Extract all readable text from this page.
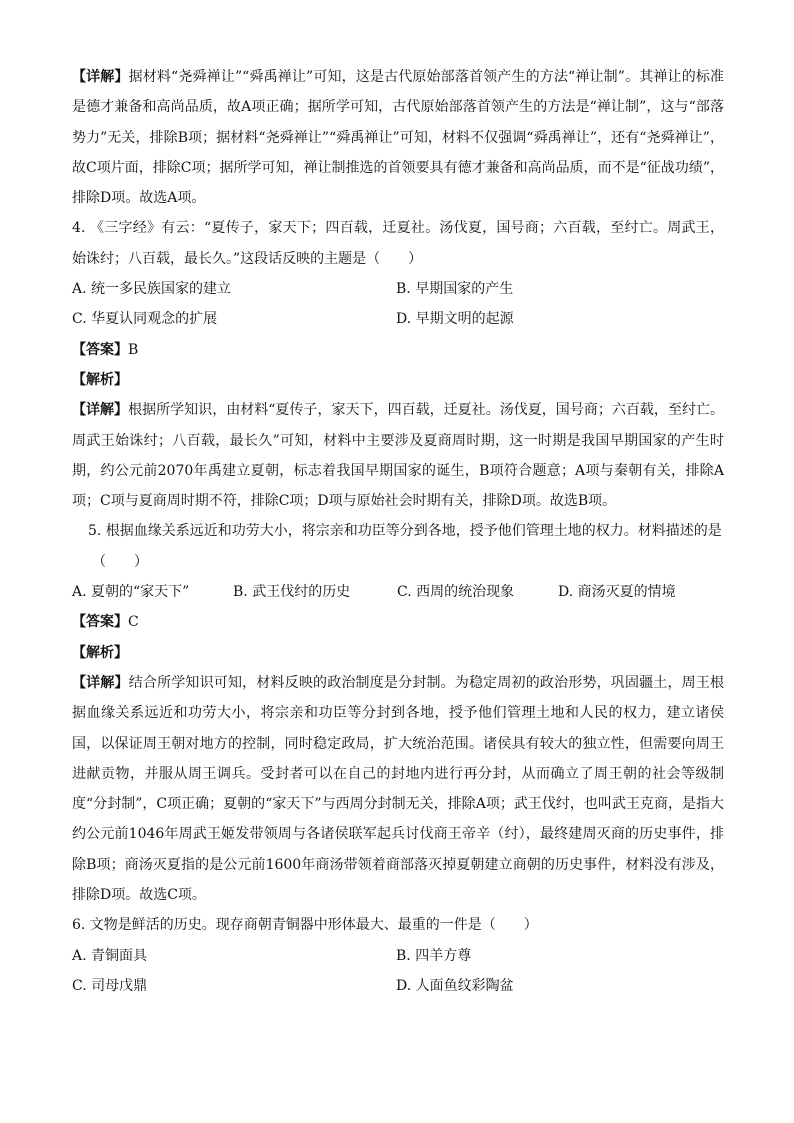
【详解】据材料“尧舜禅让”“舜禹禅让”可知，这是古代原始部落首领产生的方法“禅让制”。其禅让的标准是德才兼备和高尚品质，故A项正确；据所学可知，古代原始部落首领产生的方法是“禅让制”，这与“部落势力”无关，排除B项；据材料“尧舜禅让”“舜禹禅让”可知，材料不仅强调“舜禹禅让”，还有“尧舜禅让”，故C项片面，排除C项；据所学可知，禅让制推选的首领要具有德才兼备和高尚品质，而不是“征战功绩”，排除D项。故选A项。

4. 《三字经》有云：“夏传子，家天下；四百载，迁夏社。汤伐夏，国号商；六百载，至纣亡。周武王，始诛纣；八百载，最长久。”这段话反映的主题是（　　）

A. 统一多民族国家的建立	B. 早期国家的产生
C. 华夏认同观念的扩展	D. 早期文明的起源

【答案】B

【解析】

【详解】根据所学知识，由材料“夏传子，家天下，四百载，迁夏社。汤伐夏，国号商；六百载，至纣亡。周武王始诛纣；八百载，最长久”可知，材料中主要涉及夏商周时期，这一时期是我国早期国家的产生时期，约公元前2070年禹建立夏朝，标志着我国早期国家的诞生，B项符合题意；A项与秦朝有关，排除A项；C项与夏商周时期不符，排除C项；D项与原始社会时期有关，排除D项。故选B项。

5. 根据血缘关系远近和功劳大小，将宗亲和功臣等分到各地，授予他们管理土地的权力。材料描述的是

（　　）

A. 夏朝的“家天下”	B. 武王伐纣的历史	C. 西周的统治现象	D. 商汤灭夏的情境

【答案】C

【解析】

【详解】结合所学知识可知，材料反映的政治制度是分封制。为稳定周初的政治形势，巩固疆土，周王根据血缘关系远近和功劳大小，将宗亲和功臣等分封到各地，授予他们管理土地和人民的权力，建立诸侯国，以保证周王朝对地方的控制，同时稳定政局，扩大统治范围。诸侯具有较大的独立性，但需要向周王进献贡物，并服从周王调兵。受封者可以在自己的封地内进行再分封，从而确立了周王朝的社会等级制度“分封制”，C项正确；夏朝的“家天下”与西周分封制无关，排除A项；武王伐纣，也叫武王克商，是指大约公元前1046年周武王姬发带领周与各诸侯联军起兵讨伐商王帝辛（纣），最终建周灭商的历史事件，排除B项；商汤灭夏指的是公元前1600年商汤带领着商部落灭掉夏朝建立商朝的历史事件，材料没有涉及，排除D项。故选C项。

6. 文物是鲜活的历史。现存商朝青铜器中形体最大、最重的一件是（　　）

A. 青铜面具	B. 四羊方尊
C. 司母戊鼎	D. 人面鱼纹彩陶盆
